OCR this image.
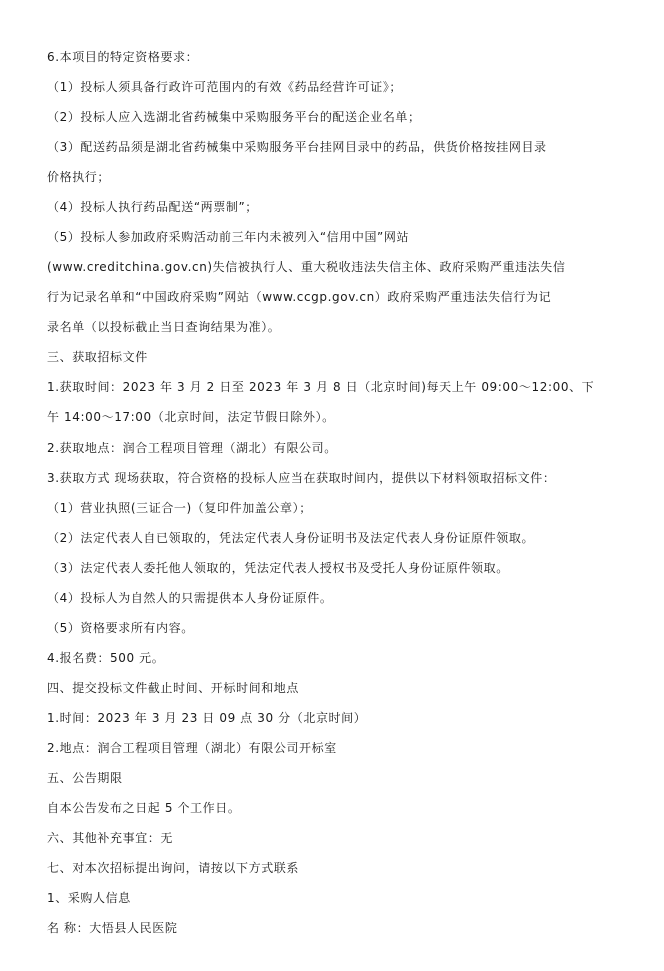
6.本项目的特定资格要求：
（1）投标人须具备行政许可范围内的有效《药品经营许可证》；
（2）投标人应入选湖北省药械集中采购服务平台的配送企业名单；
（3）配送药品须是湖北省药械集中采购服务平台挂网目录中的药品，供货价格按挂网目录
价格执行；
（4）投标人执行药品配送“两票制”；
（5）投标人参加政府采购活动前三年内未被列入“信用中国”网站
(www.creditchina.gov.cn)失信被执行人、重大税收违法失信主体、政府采购严重违法失信
行为记录名单和“中国政府采购”网站（www.ccgp.gov.cn）政府采购严重违法失信行为记
录名单（以投标截止当日查询结果为准）。
三、获取招标文件
1.获取时间：2023 年 3 月 2 日至 2023 年 3 月 8 日（北京时间)每天上午 09:00～12:00、下
午 14:00～17:00（北京时间，法定节假日除外）。
2.获取地点：润合工程项目管理（湖北）有限公司。
3.获取方式 现场获取，符合资格的投标人应当在获取时间内，提供以下材料领取招标文件：
（1）营业执照(三证合一)（复印件加盖公章）；
（2）法定代表人自已领取的，凭法定代表人身份证明书及法定代表人身份证原件领取。
（3）法定代表人委托他人领取的，凭法定代表人授权书及受托人身份证原件领取。
（4）投标人为自然人的只需提供本人身份证原件。
（5）资格要求所有内容。
4.报名费：500 元。
四、提交投标文件截止时间、开标时间和地点
1.时间：2023 年 3 月 23 日 09 点 30 分（北京时间）
2.地点：润合工程项目管理（湖北）有限公司开标室
五、公告期限
自本公告发布之日起 5 个工作日。
六、其他补充事宜：无
七、对本次招标提出询问，请按以下方式联系
1、采购人信息
名 称：大悟县人民医院
